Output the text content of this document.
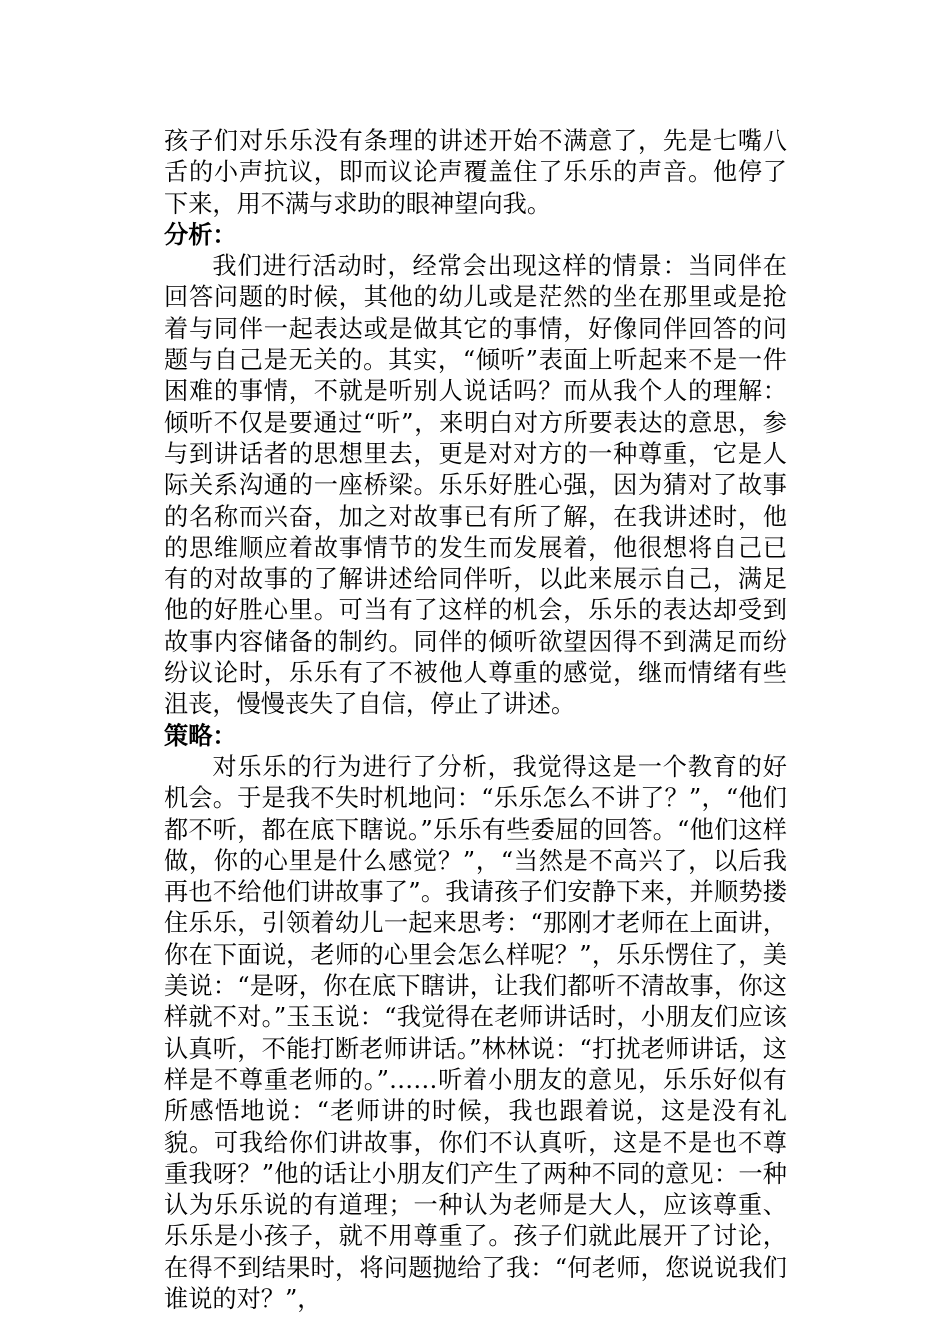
孩子们对乐乐没有条理的讲述开始不满意了，先是七嘴八舌的小声抗议，即而议论声覆盖住了乐乐的声音。他停了下来，用不满与求助的眼神望向我。

分析：

我们进行活动时，经常会出现这样的情景：当同伴在回答问题的时候，其他的幼儿或是茫然的坐在那里或是抢着与同伴一起表达或是做其它的事情，好像同伴回答的问题与自己是无关的。其实，“倾听”表面上听起来不是一件困难的事情，不就是听别人说话吗？而从我个人的理解：倾听不仅是要通过“听”，来明白对方所要表达的意思，参与到讲话者的思想里去，更是对对方的一种尊重，它是人际关系沟通的一座桥梁。乐乐好胜心强，因为猜对了故事的名称而兴奋，加之对故事已有所了解，在我讲述时，他的思维顺应着故事情节的发生而发展着，他很想将自己已有的对故事的了解讲述给同伴听，以此来展示自己，满足他的好胜心里。可当有了这样的机会，乐乐的表达却受到故事内容储备的制约。同伴的倾听欲望因得不到满足而纷纷议论时，乐乐有了不被他人尊重的感觉，继而情绪有些沮丧，慢慢丧失了自信，停止了讲述。

策略：

对乐乐的行为进行了分析，我觉得这是一个教育的好机会。于是我不失时机地问：“乐乐怎么不讲了？”，“他们都不听，都在底下瞎说。”乐乐有些委屈的回答。“他们这样做，你的心里是什么感觉？”，“当然是不高兴了，以后我再也不给他们讲故事了”。我请孩子们安静下来，并顺势搂住乐乐，引领着幼儿一起来思考：“那刚才老师在上面讲，你在下面说，老师的心里会怎么样呢？”，乐乐愣住了，美美说：“是呀，你在底下瞎讲，让我们都听不清故事，你这样就不对。”玉玉说：“我觉得在老师讲话时，小朋友们应该认真听，不能打断老师讲话。”林林说：“打扰老师讲话，这样是不尊重老师的。”……听着小朋友的意见，乐乐好似有所感悟地说：“老师讲的时候，我也跟着说，这是没有礼貌。可我给你们讲故事，你们不认真听，这是不是也不尊重我呀？”他的话让小朋友们产生了两种不同的意见：一种认为乐乐说的有道理；一种认为老师是大人，应该尊重、乐乐是小孩子，就不用尊重了。孩子们就此展开了讨论，在得不到结果时，将问题抛给了我：“何老师，您说说我们谁说的对？”，
